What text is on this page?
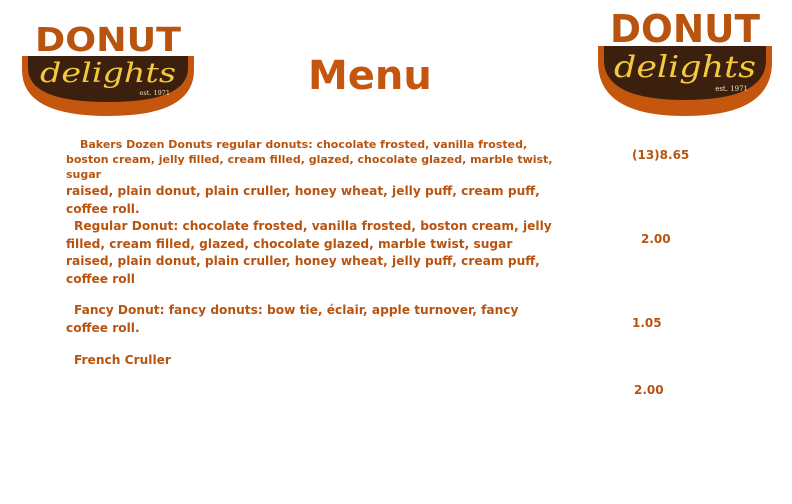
DONUT
delights
est. 1971
DONUT
delights
est. 1971
Menu
Bakers Dozen Donuts regular donuts: chocolate frosted, vanilla frosted, boston cream, jelly filled, cream filled, glazed, chocolate glazed, marble twist, sugar
raised, plain donut, plain cruller, honey wheat, jelly puff, cream puff, coffee roll.
(13)8.65
Regular Donut: chocolate frosted, vanilla frosted, boston cream, jelly filled, cream filled, glazed, chocolate glazed, marble twist, sugar raised, plain donut, plain cruller, honey wheat, jelly puff, cream puff, coffee roll
2.00
Fancy Donut: fancy donuts: bow tie, éclair, apple turnover, fancy coffee roll.	1.05
French Cruller
2.00
